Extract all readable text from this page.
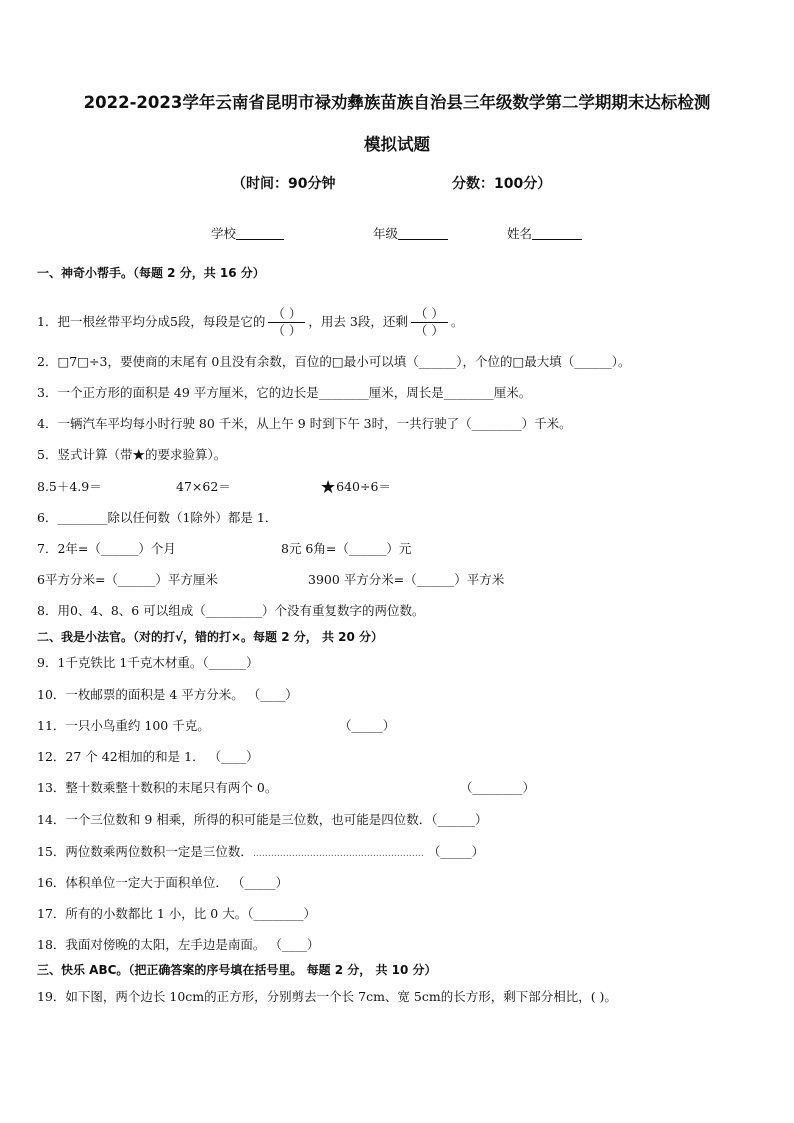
2022-2023学年云南省昆明市禄劝彝族苗族自治县三年级数学第二学期期末达标检测
模拟试题
（时间：90分钟	分数：100分）
学校	年级	姓名
一、神奇小帮手。（每题 2 分，共 16 分）
1．把一根丝带平均分成5段，每段是它的 $\frac{( )}{( )}$ ，用去 3段，还剩 $\frac{( )}{( )}$ 。
2．□7□÷3，要使商的末尾有 0且没有余数，百位的□最小可以填（______），个位的□最大填（______）。
3．一个正方形的面积是 49 平方厘米，它的边长是________厘米，周长是________厘米。
4．一辆汽车平均每小时行驶 80 千米，从上午 9 时到下午 3时，一共行驶了（________）千米。
5．竖式计算（带★的要求验算）。
8.5＋4.9＝	47×62＝	★640÷6＝
6．________除以任何数（1除外）都是 1．
7．2年=（______）个月	8元 6角=（______）元
6平方分米=（______）平方厘米	3900 平方分米=（______）平方米
8．用0、4、8、6 可以组成（_________）个没有重复数字的两位数。
二、我是小法官。（对的打√，错的打×。每题 2 分， 共 20 分）
9．1千克铁比 1千克木材重。（______）
10．一枚邮票的面积是 4 平方分米。 （____）
11．一只小鸟重约 100 千克。	（_____）
12．27 个 42相加的和是 1． （____）
13．整十数乘整十数积的末尾只有两个 0。	（________）
14．一个三位数和 9 相乘，所得的积可能是三位数，也可能是四位数．（______）
15．两位数乘两位数积一定是三位数．………………………………………………… （_____）
16．体积单位一定大于面积单位． （_____）
17．所有的小数都比 1 小，比 0 大。（________）
18．我面对傍晚的太阳，左手边是南面。 （____）
三、快乐 ABC。（把正确答案的序号填在括号里。 每题 2 分， 共 10 分）
19．如下图，两个边长 10cm的正方形，分别剪去一个长 7cm、宽 5cm的长方形，剩下部分相比，( )。
